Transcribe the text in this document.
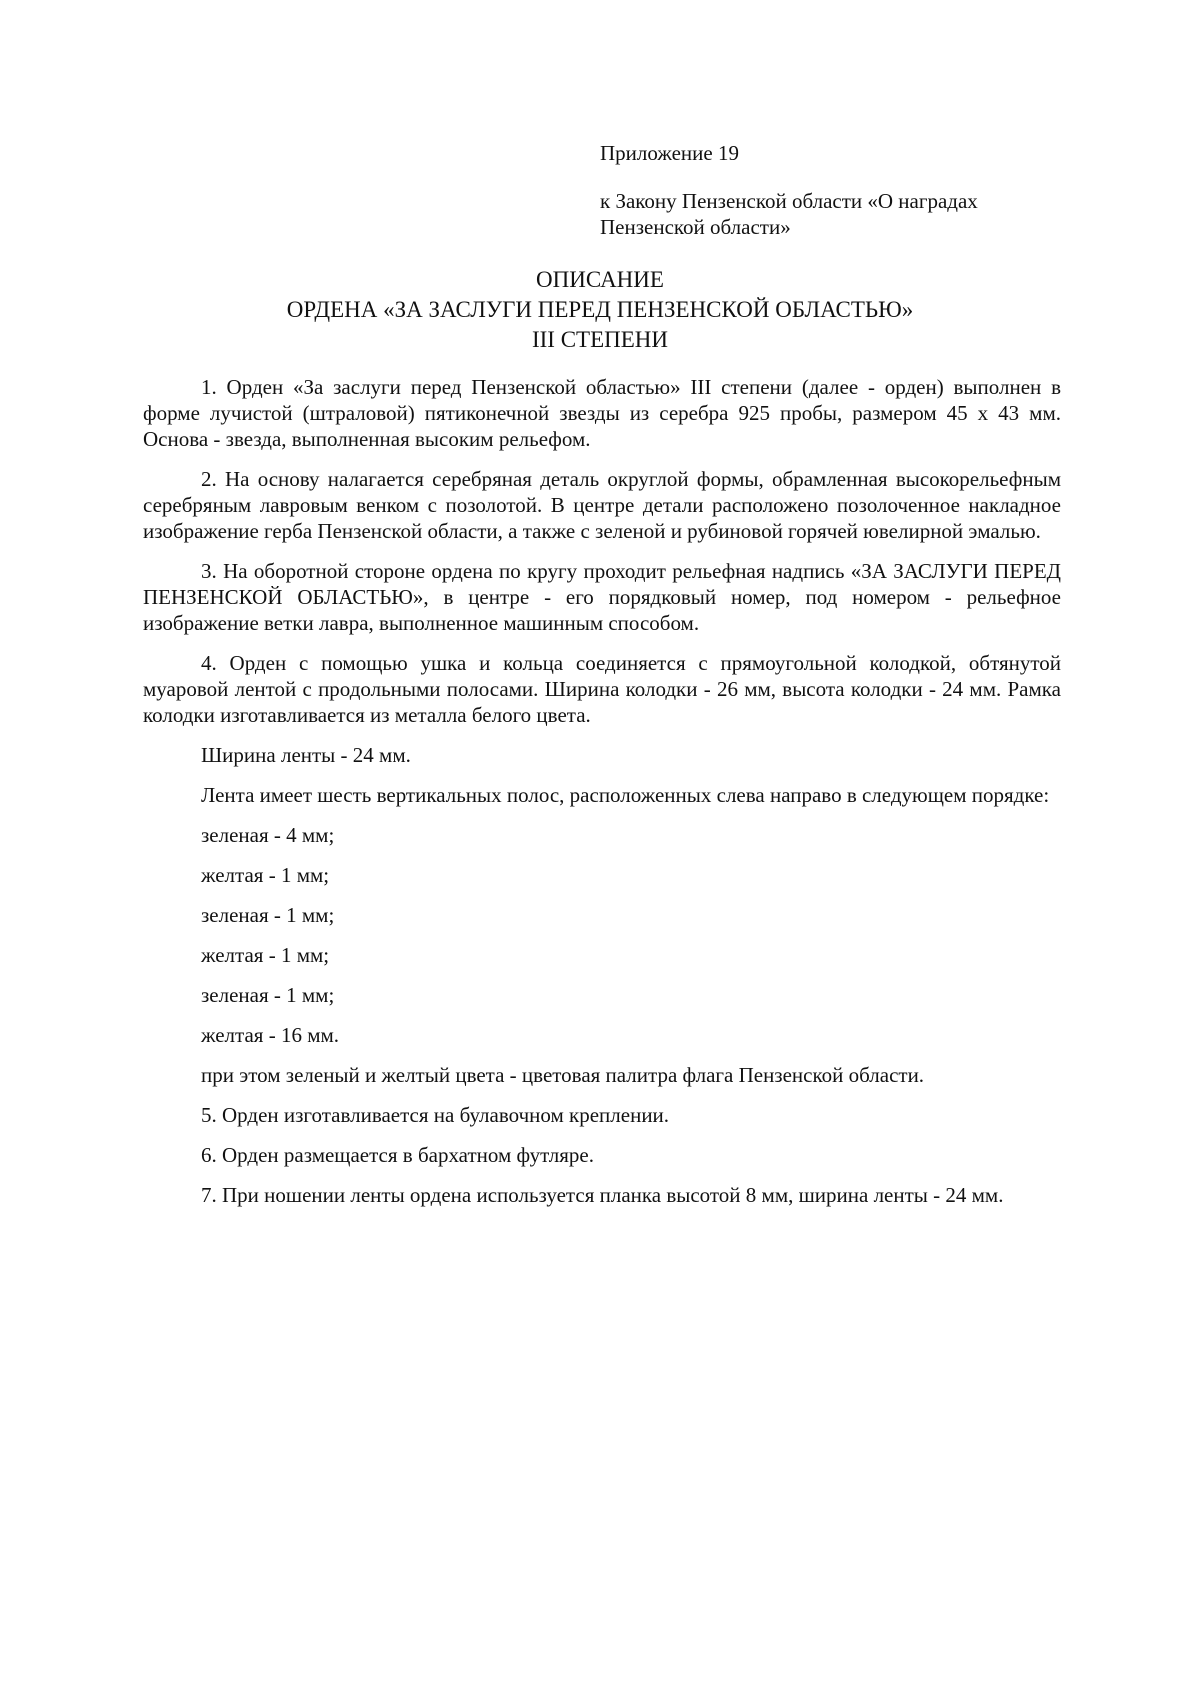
Приложение 19

к Закону Пензенской области «О наградах Пензенской области»

ОПИСАНИЕ
ОРДЕНА «ЗА ЗАСЛУГИ ПЕРЕД ПЕНЗЕНСКОЙ ОБЛАСТЬЮ»
III СТЕПЕНИ

1. Орден «За заслуги перед Пензенской областью» III степени (далее - орден) выполнен в форме лучистой (штраловой) пятиконечной звезды из серебра 925 пробы, размером 45 x 43 мм. Основа - звезда, выполненная высоким рельефом.

2. На основу налагается серебряная деталь округлой формы, обрамленная высокорельефным серебряным лавровым венком с позолотой. В центре детали расположено позолоченное накладное изображение герба Пензенской области, а также с зеленой и рубиновой горячей ювелирной эмалью.

3. На оборотной стороне ордена по кругу проходит рельефная надпись «ЗА ЗАСЛУГИ ПЕРЕД ПЕНЗЕНСКОЙ ОБЛАСТЬЮ», в центре - его порядковый номер, под номером - рельефное изображение ветки лавра, выполненное машинным способом.

4. Орден с помощью ушка и кольца соединяется с прямоугольной колодкой, обтянутой муаровой лентой с продольными полосами. Ширина колодки - 26 мм, высота колодки - 24 мм. Рамка колодки изготавливается из металла белого цвета.

Ширина ленты - 24 мм.

Лента имеет шесть вертикальных полос, расположенных слева направо в следующем порядке:

зеленая - 4 мм;

желтая - 1 мм;

зеленая - 1 мм;

желтая - 1 мм;

зеленая - 1 мм;

желтая - 16 мм.

при этом зеленый и желтый цвета - цветовая палитра флага Пензенской области.

5. Орден изготавливается на булавочном креплении.

6. Орден размещается в бархатном футляре.

7. При ношении ленты ордена используется планка высотой 8 мм, ширина ленты - 24 мм.
